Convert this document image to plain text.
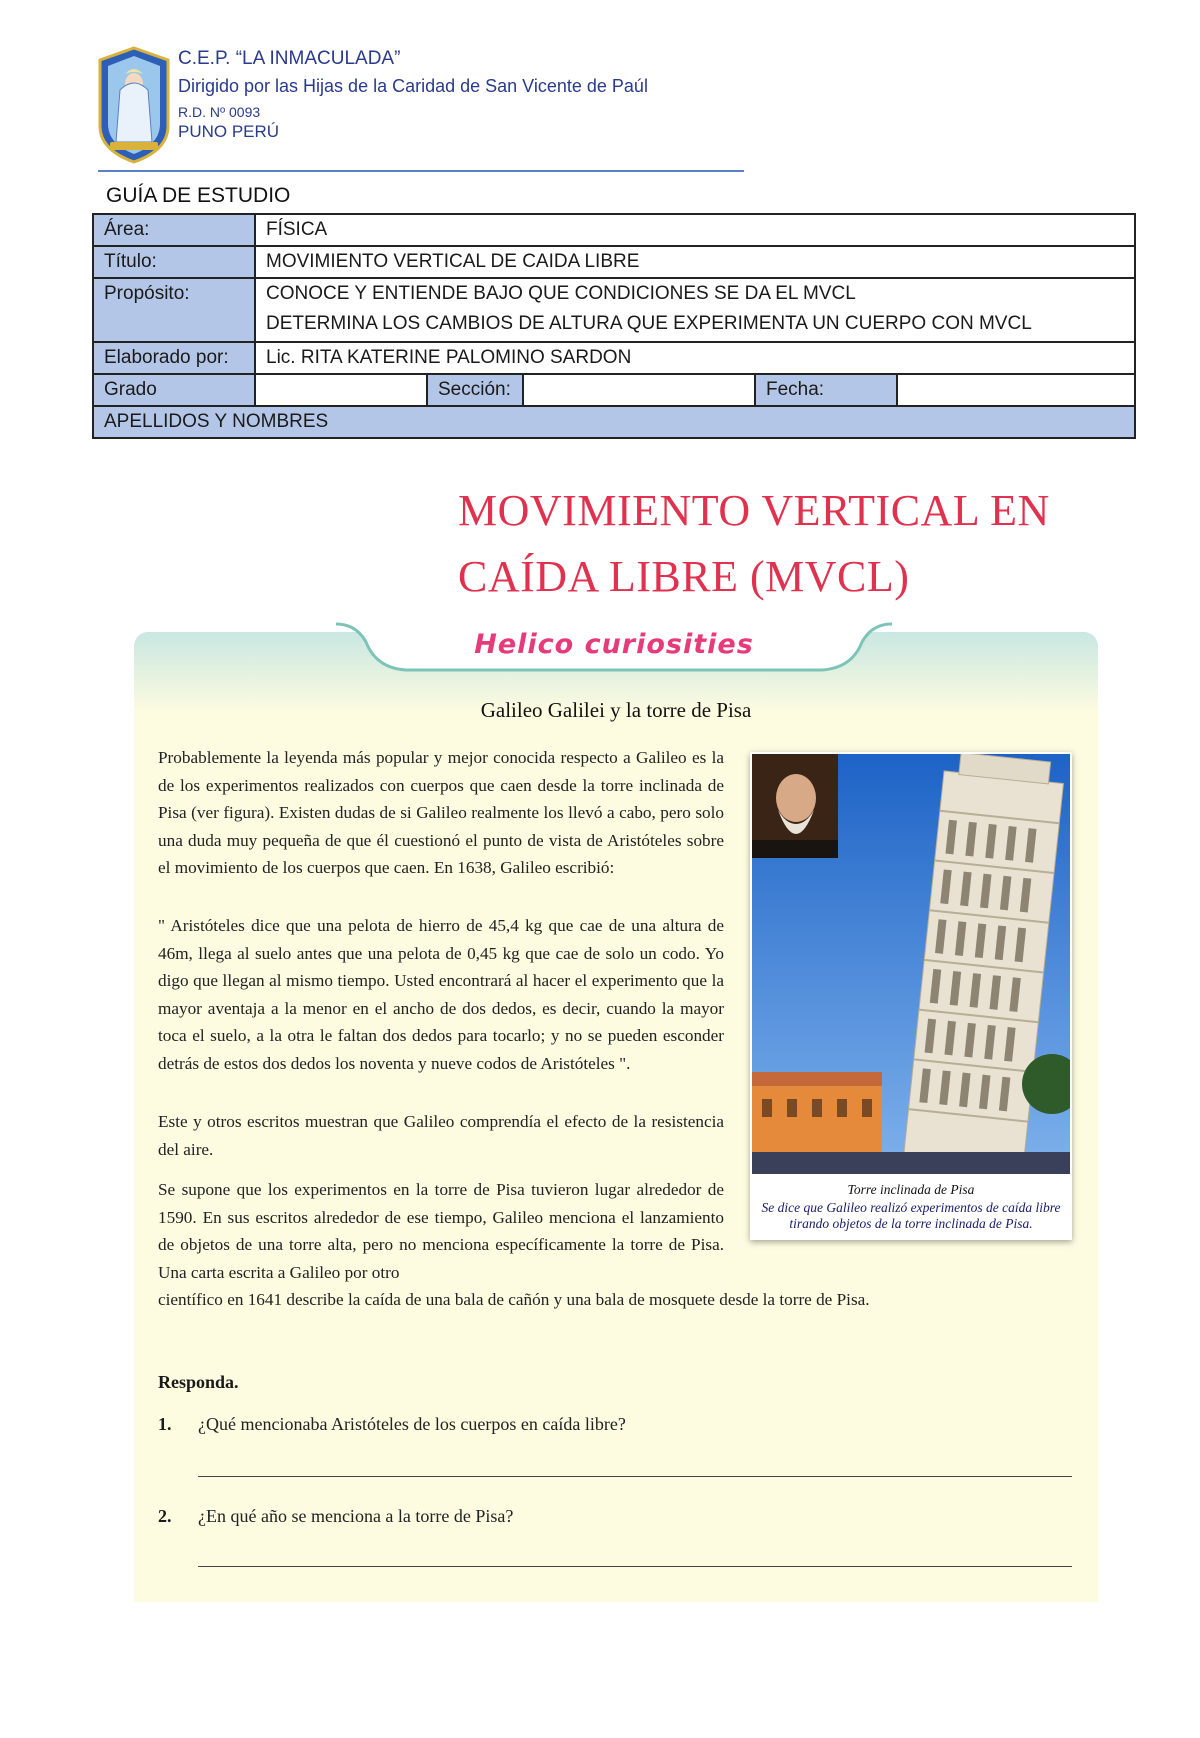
C.E.P. “LA INMACULADA”
Dirigido por las Hijas de la Caridad de San Vicente de Paúl
R.D. Nº 0093
PUNO PERÚ
GUÍA DE ESTUDIO
Área:	FÍSICA				
Título:	MOVIMIENTO VERTICAL DE CAIDA LIBRE				
Propósito:	CONOCE Y ENTIENDE BAJO QUE CONDICIONES SE DA EL MVCL
DETERMINA LOS CAMBIOS DE ALTURA QUE EXPERIMENTA UN CUERPO CON MVCL				

Elaborado por:	Lic. RITA KATERINE PALOMINO SARDON				
Grado		Sección:		Fecha:	
APELLIDOS Y NOMBRES					
MOVIMIENTO VERTICAL EN
CAÍDA LIBRE (MVCL)
Helico curiosities
Galileo Galilei y la torre de Pisa
Probablemente la leyenda más popular y mejor conocida respecto a Galileo es la de los experimentos realizados con cuerpos que caen desde la torre inclinada de Pisa (ver figura). Existen dudas de si Galileo realmente los llevó a cabo, pero solo una duda muy pequeña de que él cuestionó el punto de vista de Aristóteles sobre el movimiento de los cuerpos que caen. En 1638, Galileo escribió:
" Aristóteles dice que una pelota de hierro de 45,4 kg que cae de una altura de 46m, llega al suelo antes que una pelota de 0,45 kg que cae de solo un codo. Yo digo que llegan al mismo tiempo. Usted encontrará al hacer el experimento que la mayor aventaja a la menor en el ancho de dos dedos, es decir, cuando la mayor toca el suelo, a la otra le faltan dos dedos para tocarlo; y no se pueden esconder detrás de estos dos dedos los noventa y nueve codos de Aristóteles ".
Este y otros escritos muestran que Galileo comprendía el efecto de la resistencia del aire.
Se supone que los experimentos en la torre de Pisa tuvieron lugar alrededor de 1590. En sus escritos alrededor de ese tiempo, Galileo menciona el lanzamiento de objetos de una torre alta, pero no menciona específicamente la torre de Pisa. Una carta escrita a Galileo por otro
científico en 1641 describe la caída de una bala de cañón y una bala de mosquete desde la torre de Pisa.
Torre inclinada de Pisa
Se dice que Galileo realizó experimentos de caída libre tirando objetos de la torre inclinada de Pisa.
Responda.
1. ¿Qué mencionaba Aristóteles de los cuerpos en caída libre?
2. ¿En qué año se menciona a la torre de Pisa?
